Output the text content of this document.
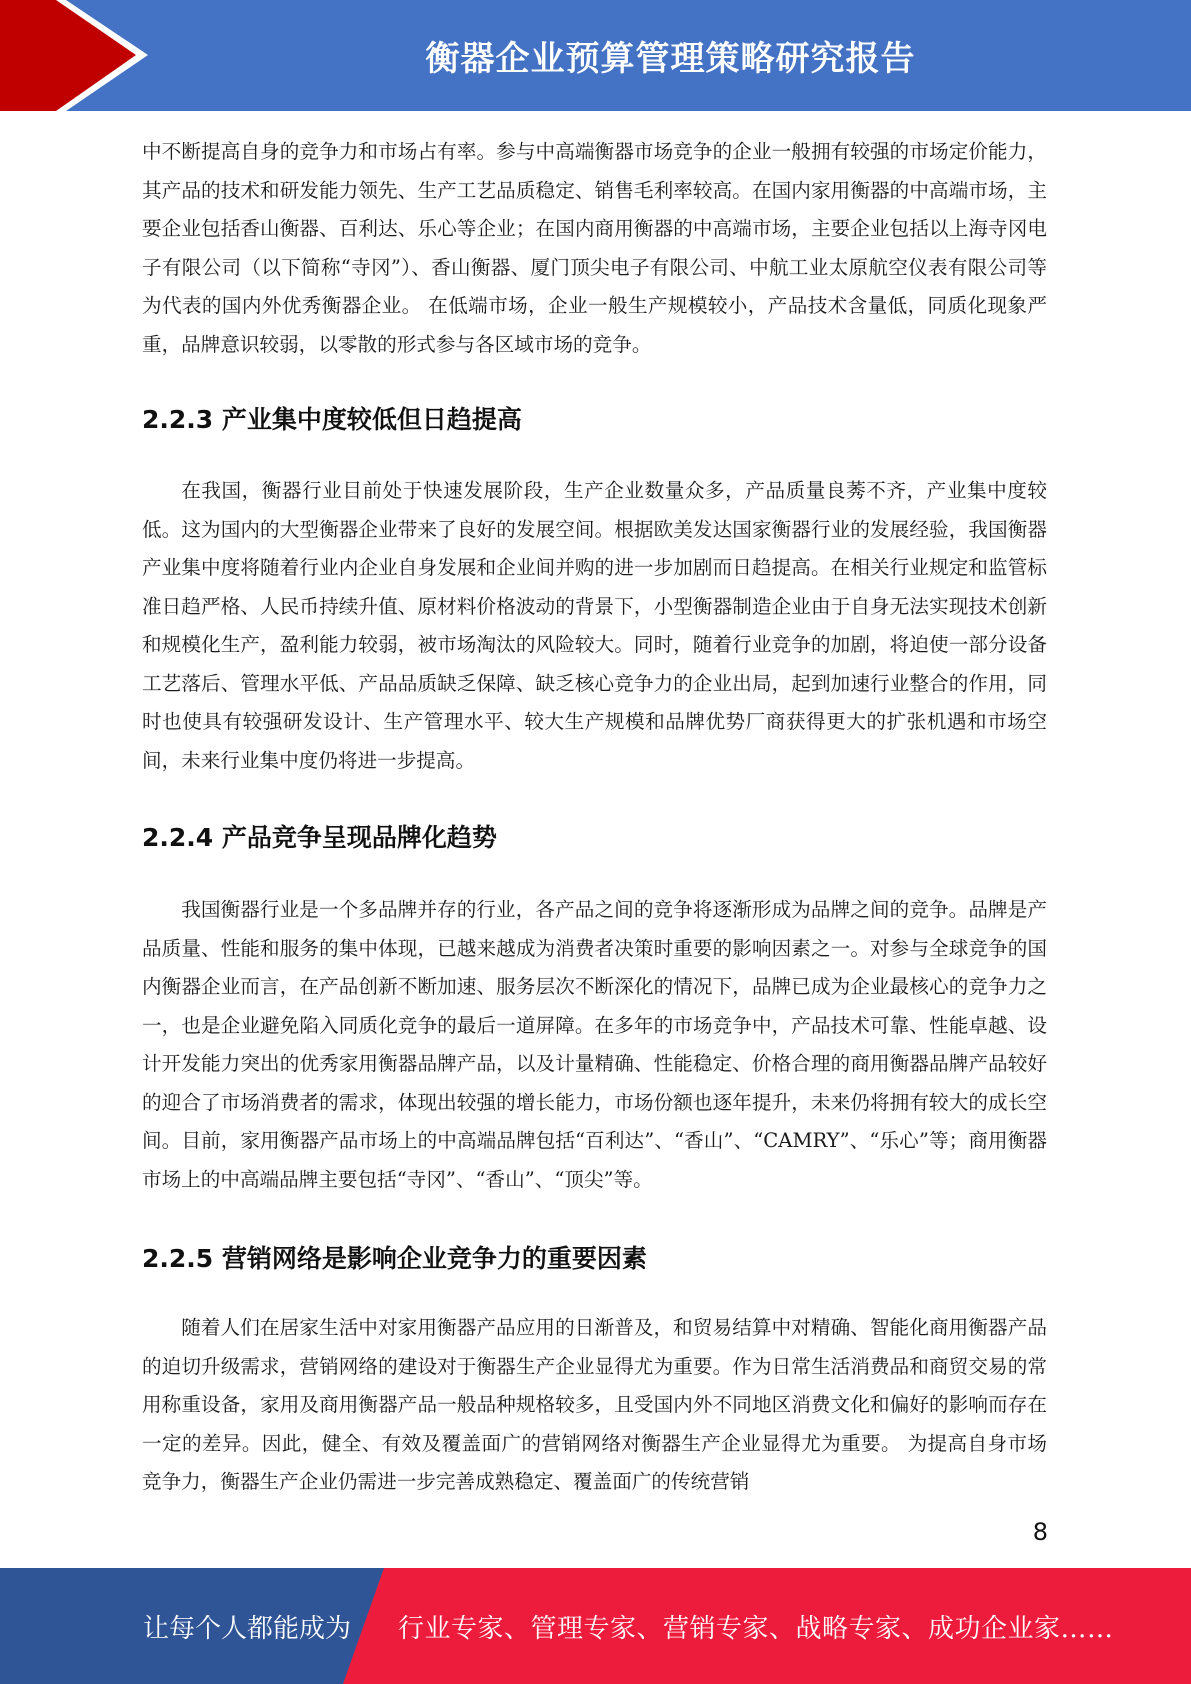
衡器企业预算管理策略研究报告

中不断提高自身的竞争力和市场占有率。参与中高端衡器市场竞争的企业一般拥有较强的市场定价能力，其产品的技术和研发能力领先、生产工艺品质稳定、销售毛利率较高。在国内家用衡器的中高端市场，主要企业包括香山衡器、百利达、乐心等企业；在国内商用衡器的中高端市场，主要企业包括以上海寺冈电子有限公司（以下简称“寺冈”）、香山衡器、厦门顶尖电子有限公司、中航工业太原航空仪表有限公司等为代表的国内外优秀衡器企业。 在低端市场，企业一般生产规模较小，产品技术含量低，同质化现象严重，品牌意识较弱，以零散的形式参与各区域市场的竞争。

2.2.3 产业集中度较低但日趋提高

在我国，衡器行业目前处于快速发展阶段，生产企业数量众多，产品质量良莠不齐，产业集中度较低。这为国内的大型衡器企业带来了良好的发展空间。根据欧美发达国家衡器行业的发展经验，我国衡器产业集中度将随着行业内企业自身发展和企业间并购的进一步加剧而日趋提高。在相关行业规定和监管标准日趋严格、人民币持续升值、原材料价格波动的背景下，小型衡器制造企业由于自身无法实现技术创新和规模化生产，盈利能力较弱，被市场淘汰的风险较大。同时，随着行业竞争的加剧，将迫使一部分设备工艺落后、管理水平低、产品品质缺乏保障、缺乏核心竞争力的企业出局，起到加速行业整合的作用，同时也使具有较强研发设计、生产管理水平、较大生产规模和品牌优势厂商获得更大的扩张机遇和市场空间，未来行业集中度仍将进一步提高。

2.2.4 产品竞争呈现品牌化趋势

我国衡器行业是一个多品牌并存的行业，各产品之间的竞争将逐渐形成为品牌之间的竞争。品牌是产品质量、性能和服务的集中体现，已越来越成为消费者决策时重要的影响因素之一。对参与全球竞争的国内衡器企业而言，在产品创新不断加速、服务层次不断深化的情况下，品牌已成为企业最核心的竞争力之一，也是企业避免陷入同质化竞争的最后一道屏障。在多年的市场竞争中，产品技术可靠、性能卓越、设计开发能力突出的优秀家用衡器品牌产品，以及计量精确、性能稳定、价格合理的商用衡器品牌产品较好的迎合了市场消费者的需求，体现出较强的增长能力，市场份额也逐年提升，未来仍将拥有较大的成长空间。目前，家用衡器产品市场上的中高端品牌包括“百利达”、“香山”、“CAMRY”、“乐心”等；商用衡器市场上的中高端品牌主要包括“寺冈”、“香山”、“顶尖”等。

2.2.5 营销网络是影响企业竞争力的重要因素

随着人们在居家生活中对家用衡器产品应用的日渐普及，和贸易结算中对精确、智能化商用衡器产品的迫切升级需求，营销网络的建设对于衡器生产企业显得尤为重要。作为日常生活消费品和商贸交易的常用称重设备，家用及商用衡器产品一般品种规格较多，且受国内外不同地区消费文化和偏好的影响而存在一定的差异。因此，健全、有效及覆盖面广的营销网络对衡器生产企业显得尤为重要。 为提高自身市场竞争力，衡器生产企业仍需进一步完善成熟稳定、覆盖面广的传统营销

8
让每个人都能成为 行业专家、管理专家、营销专家、战略专家、成功企业家……
